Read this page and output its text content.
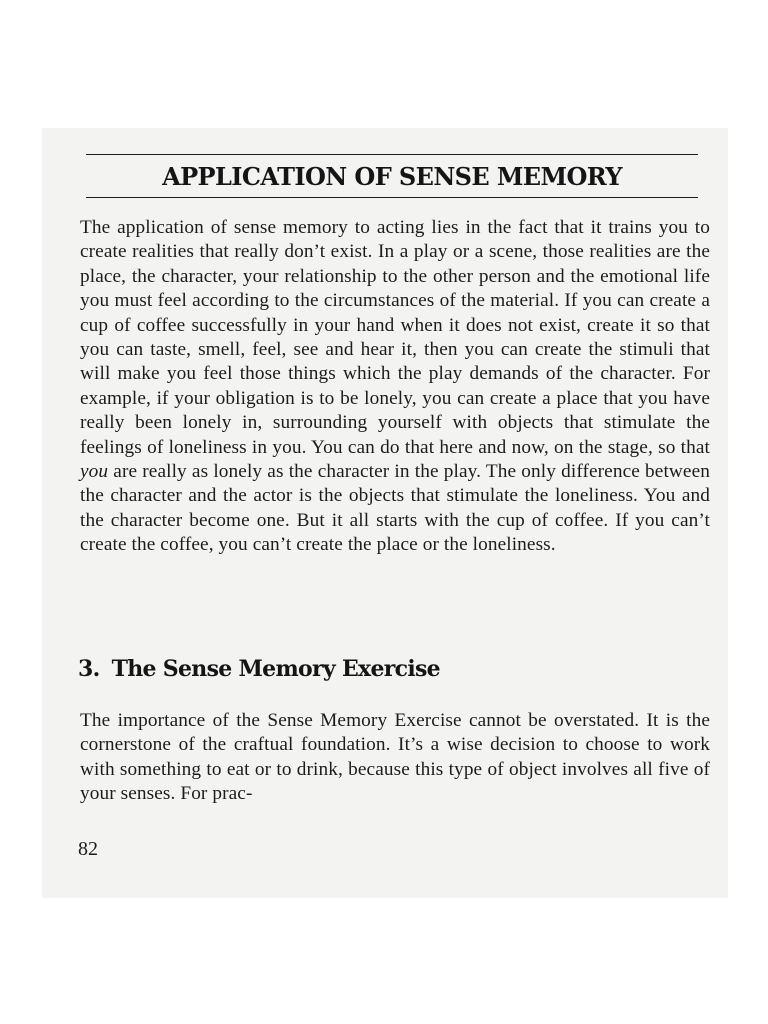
APPLICATION OF SENSE MEMORY

The application of sense memory to acting lies in the fact that it trains you to create realities that really don’t exist. In a play or a scene, those realities are the place, the character, your relationship to the other person and the emotional life you must feel according to the circumstances of the material. If you can create a cup of coffee successfully in your hand when it does not exist, create it so that you can taste, smell, feel, see and hear it, then you can create the stimuli that will make you feel those things which the play demands of the character. For example, if your obligation is to be lonely, you can create a place that you have really been lonely in, surrounding yourself with objects that stimulate the feelings of loneliness in you. You can do that here and now, on the stage, so that you are really as lonely as the character in the play. The only difference between the character and the actor is the objects that stimulate the loneliness. You and the character become one. But it all starts with the cup of coffee. If you can’t create the coffee, you can’t create the place or the loneliness.

3. The Sense Memory Exercise

The importance of the Sense Memory Exercise cannot be overstated. It is the cornerstone of the craftual foundation. It’s a wise decision to choose to work with something to eat or to drink, because this type of object involves all five of your senses. For prac-

82
